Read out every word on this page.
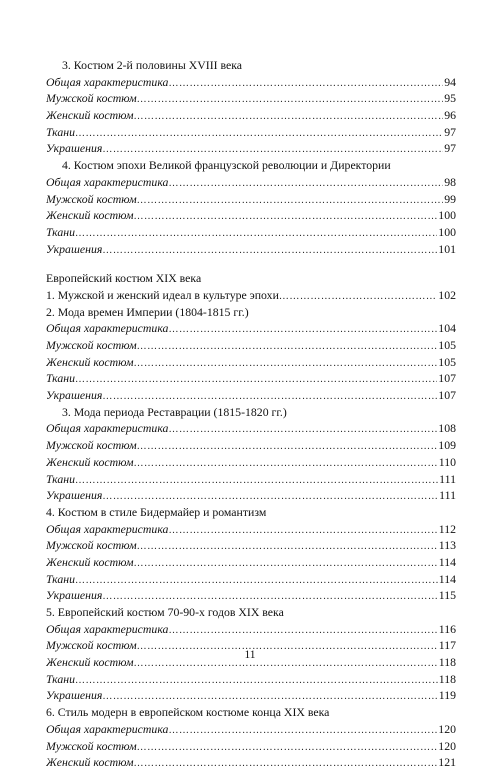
3. Костюм 2-й половины XVIII века
Общая характеристика ………………………………………………………………………………………………………………………………………………………………	94
Мужской костюм ………………………………………………………………………………………………………………………………………………………………	95
Женский костюм ………………………………………………………………………………………………………………………………………………………………	96
Ткани ………………………………………………………………………………………………………………………………………………………………	97
Украшения ………………………………………………………………………………………………………………………………………………………………	97
4. Костюм эпохи Великой французской революции и Директории
Общая характеристика ………………………………………………………………………………………………………………………………………………………………	98
Мужской костюм ………………………………………………………………………………………………………………………………………………………………	99
Женский костюм ………………………………………………………………………………………………………………………………………………………………	100
Ткани ………………………………………………………………………………………………………………………………………………………………	100
Украшения ………………………………………………………………………………………………………………………………………………………………	101
Европейский костюм XIX века
1. Мужской и женский идеал в культуре эпохи ………………………………………………………………………………………………………………………………………………………………	102
2. Мода времен Империи (1804-1815 гг.)
Общая характеристика ………………………………………………………………………………………………………………………………………………………………	104
Мужской костюм ………………………………………………………………………………………………………………………………………………………………	105
Женский костюм ………………………………………………………………………………………………………………………………………………………………	105
Ткани ………………………………………………………………………………………………………………………………………………………………	107
Украшения ………………………………………………………………………………………………………………………………………………………………	107
3. Мода периода Реставрации (1815-1820 гг.)
Общая характеристика ………………………………………………………………………………………………………………………………………………………………	108
Мужской костюм ………………………………………………………………………………………………………………………………………………………………	109
Женский костюм ………………………………………………………………………………………………………………………………………………………………	110
Ткани ………………………………………………………………………………………………………………………………………………………………	111
Украшения ………………………………………………………………………………………………………………………………………………………………	111
4. Костюм в стиле Бидермайер и романтизм
Общая характеристика ………………………………………………………………………………………………………………………………………………………………	112
Мужской костюм ………………………………………………………………………………………………………………………………………………………………	113
Женский костюм ………………………………………………………………………………………………………………………………………………………………	114
Ткани ………………………………………………………………………………………………………………………………………………………………	114
Украшения ………………………………………………………………………………………………………………………………………………………………	115
5. Европейский костюм 70-90-х годов XIX века
Общая характеристика ………………………………………………………………………………………………………………………………………………………………	116
Мужской костюм ………………………………………………………………………………………………………………………………………………………………	117
Женский костюм ………………………………………………………………………………………………………………………………………………………………	118
Ткани ………………………………………………………………………………………………………………………………………………………………	118
Украшения ………………………………………………………………………………………………………………………………………………………………	119
6. Стиль модерн в европейском костюме конца XIX века
Общая характеристика ………………………………………………………………………………………………………………………………………………………………	120
Мужской костюм ………………………………………………………………………………………………………………………………………………………………	120
Женский костюм ………………………………………………………………………………………………………………………………………………………………	121
11
